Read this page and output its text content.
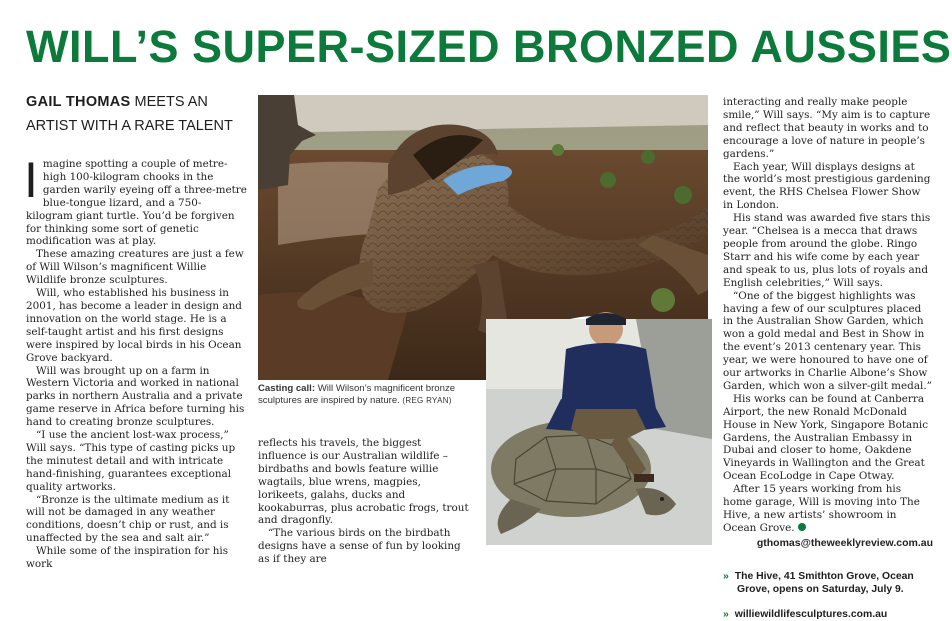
WILL’S SUPER-SIZED BRONZED AUSSIES
GAIL THOMAS MEETS AN ARTIST WITH A RARE TALENT
Casting call: Will Wilson’s magnificent bronze sculptures are inspired by nature. (REG RYAN)

Imagine spotting a couple of metre-high 100-kilogram chooks in the garden warily eyeing off a three-metre blue-tongue lizard, and a 750-kilogram giant turtle. You’d be forgiven for thinking some sort of genetic modification was at play.

These amazing creatures are just a few of Will Wilson’s magnificent Willie Wildlife bronze sculptures.

Will, who established his business in 2001, has become a leader in design and innovation on the world stage. He is a self-taught artist and his first designs were inspired by local birds in his Ocean Grove backyard.

Will was brought up on a farm in Western Victoria and worked in national parks in northern Australia and a private game reserve in Africa before turning his hand to creating bronze sculptures.

“I use the ancient lost-wax process,” Will says. “This type of casting picks up the minutest detail and with intricate hand-finishing, guarantees exceptional quality artworks.

“Bronze is the ultimate medium as it will not be damaged in any weather conditions, doesn’t chip or rust, and is unaffected by the sea and salt air.”

While some of the inspiration for his work

reflects his travels, the biggest influence is our Australian wildlife – birdbaths and bowls feature willie wagtails, blue wrens, magpies, lorikeets, galahs, ducks and kookaburras, plus acrobatic frogs, trout and dragonfly.

“The various birds on the birdbath designs have a sense of fun by looking as if they are

interacting and really make people smile,” Will says. “My aim is to capture and reflect that beauty in works and to encourage a love of nature in people’s gardens.”

Each year, Will displays designs at the world’s most prestigious gardening event, the RHS Chelsea Flower Show in London.

His stand was awarded five stars this year. “Chelsea is a mecca that draws people from around the globe. Ringo Starr and his wife come by each year and speak to us, plus lots of royals and English celebrities,” Will says.

“One of the biggest highlights was having a few of our sculptures placed in the Australian Show Garden, which won a gold medal and Best in Show in the event’s 2013 centenary year. This year, we were honoured to have one of our artworks in Charlie Albone’s Show Garden, which won a silver-gilt medal.”

His works can be found at Canberra Airport, the new Ronald McDonald House in New York, Singapore Botanic Gardens, the Australian Embassy in Dubai and closer to home, Oakdene Vineyards in Wallington and the Great Ocean EcoLodge in Cape Otway.

After 15 years working from his home garage, Will is moving into The Hive, a new artists’ showroom in Ocean Grove.

gthomas@theweeklyreview.com.au
» The Hive, 41 Smithton Grove, Ocean Grove, opens on Saturday, July 9.
» williewildlifesculptures.com.au
